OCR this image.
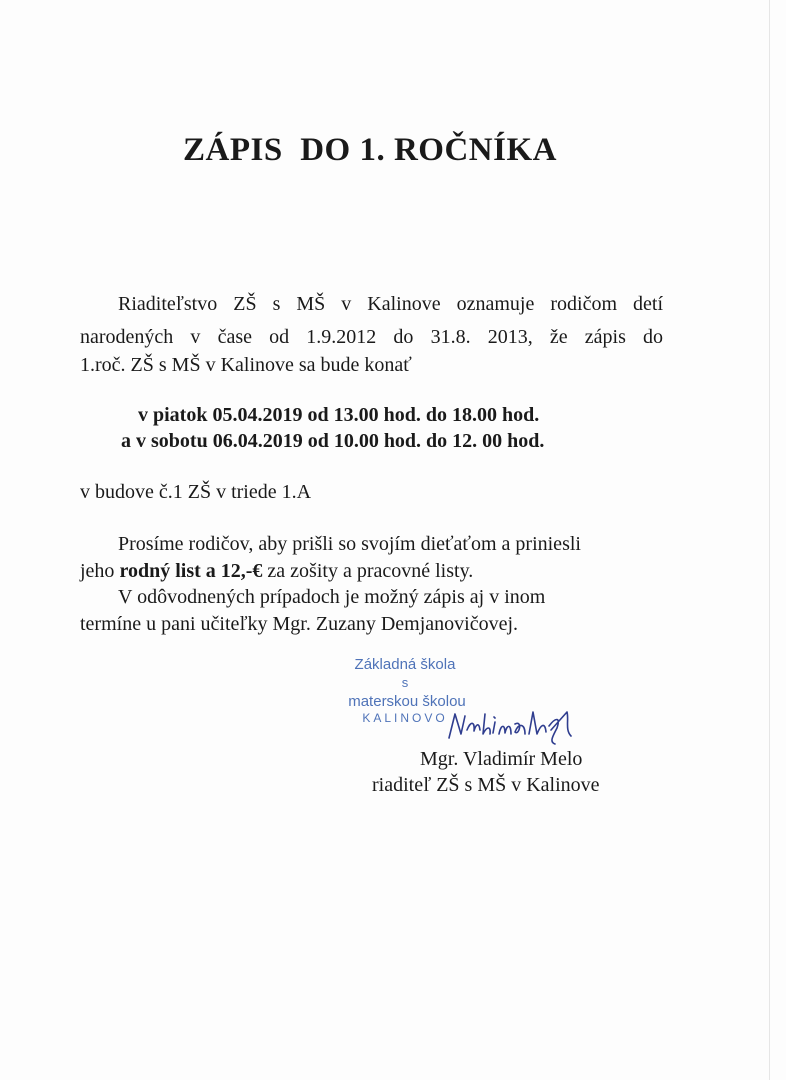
ZÁPIS  DO 1. ROČNÍKA
Riaditeľstvo ZŠ s MŠ v Kalinove oznamuje rodičom detí
narodených v čase od 1.9.2012 do 31.8. 2013, že zápis do
1.roč. ZŠ s MŠ v Kalinove sa bude konať
v piatok 05.04.2019 od 13.00 hod. do 18.00 hod.
a v sobotu 06.04.2019 od 10.00 hod. do 12. 00 hod.
v budove č.1 ZŠ v triede 1.A
Prosíme rodičov, aby prišli so svojím dieťaťom a priniesli
jeho rodný list a 12,-€ za zošity a pracovné listy.
V odôvodnených prípadoch je možný zápis aj v inom
termíne u pani učiteľky Mgr. Zuzany Demjanovičovej.
Základná škola
s
materskou školou
KALINOVO
Mgr. Vladimír Melo
riaditeľ ZŠ s MŠ v Kalinove
